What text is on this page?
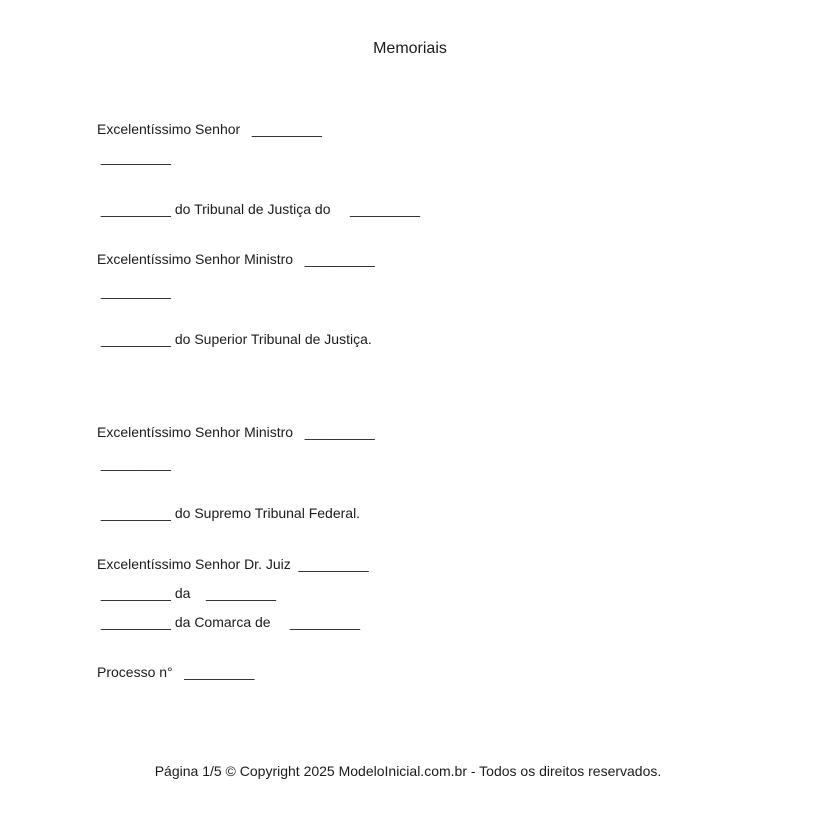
Memoriais
Excelentíssimo Senhor   _________
_________
_________ do Tribunal de Justiça do     _________
Excelentíssimo Senhor Ministro   _________
_________
_________ do Superior Tribunal de Justiça.
Excelentíssimo Senhor Ministro   _________
_________
_________ do Supremo Tribunal Federal.
Excelentíssimo Senhor Dr. Juiz  _________
_________ da    _________
_________ da Comarca de     _________
Processo n°   _________
Página 1/5 © Copyright 2025 ModeloInicial.com.br - Todos os direitos reservados.
